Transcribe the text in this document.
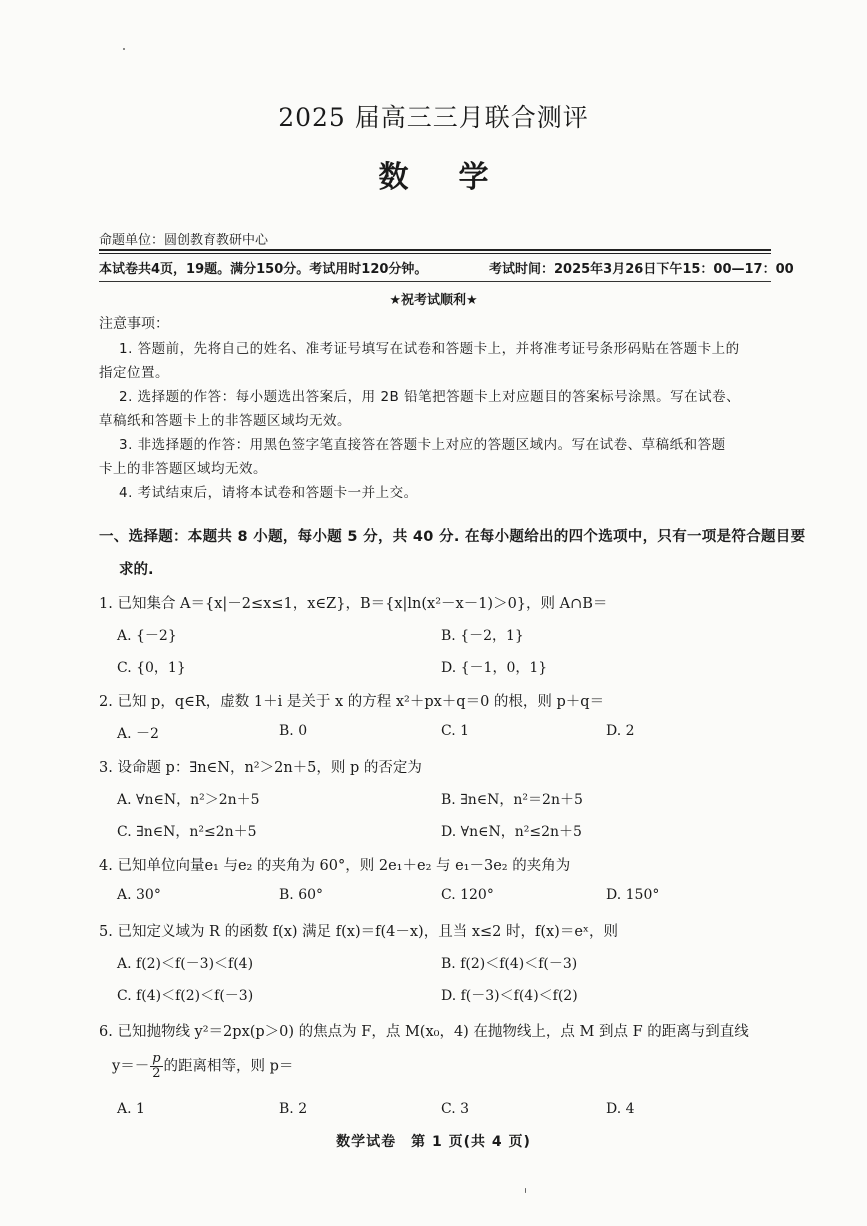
2025 届高三三月联合测评
数学
命题单位：圆创教育教研中心
本试卷共4页，19题。满分150分。考试用时120分钟。	考试时间：2025年3月26日下午15：00—17：00
★祝考试顺利★
注意事项：
1. 答题前，先将自己的姓名、准考证号填写在试卷和答题卡上，并将准考证号条形码贴在答题卡上的
指定位置。
2. 选择题的作答：每小题选出答案后，用 2B 铅笔把答题卡上对应题目的答案标号涂黑。写在试卷、
草稿纸和答题卡上的非答题区域均无效。
3. 非选择题的作答：用黑色签字笔直接答在答题卡上对应的答题区域内。写在试卷、草稿纸和答题
卡上的非答题区域均无效。
4. 考试结束后，请将本试卷和答题卡一并上交。
一、选择题：本题共 8 小题，每小题 5 分，共 40 分. 在每小题给出的四个选项中，只有一项是符合题目要
求的.
1. 已知集合 A＝{x|－2≤x≤1，x∈Z}，B＝{x|ln(x²－x－1)＞0}，则 A∩B＝
A. {－2}	B. {－2，1}
C. {0，1}	D. {－1，0，1}
2. 已知 p，q∈R，虚数 1＋i 是关于 x 的方程 x²＋px＋q＝0 的根，则 p＋q＝
A. －2	B. 0	C. 1	D. 2
3. 设命题 p：∃n∈N，n²＞2n＋5，则 p 的否定为
A. ∀n∈N，n²＞2n＋5	B. ∃n∈N，n²＝2n＋5
C. ∃n∈N，n²≤2n＋5	D. ∀n∈N，n²≤2n＋5
4. 已知单位向量e₁ 与e₂ 的夹角为 60°，则 2e₁＋e₂ 与 e₁－3e₂ 的夹角为
A. 30°	B. 60°	C. 120°	D. 150°
5. 已知定义域为 R 的函数 f(x) 满足 f(x)＝f(4－x)，且当 x≤2 时，f(x)＝eˣ，则
A. f(2)＜f(－3)＜f(4)	B. f(2)＜f(4)＜f(－3)
C. f(4)＜f(2)＜f(－3)	D. f(－3)＜f(4)＜f(2)
6. 已知抛物线 y²＝2px(p＞0) 的焦点为 F，点 M(x₀，4) 在抛物线上，点 M 到点 F 的距离与到直线
$y=- \frac{p}{2}$ 的距离相等，则 p＝
A. 1	B. 2	C. 3	D. 4
数学试卷　第 1 页(共 4 页)
